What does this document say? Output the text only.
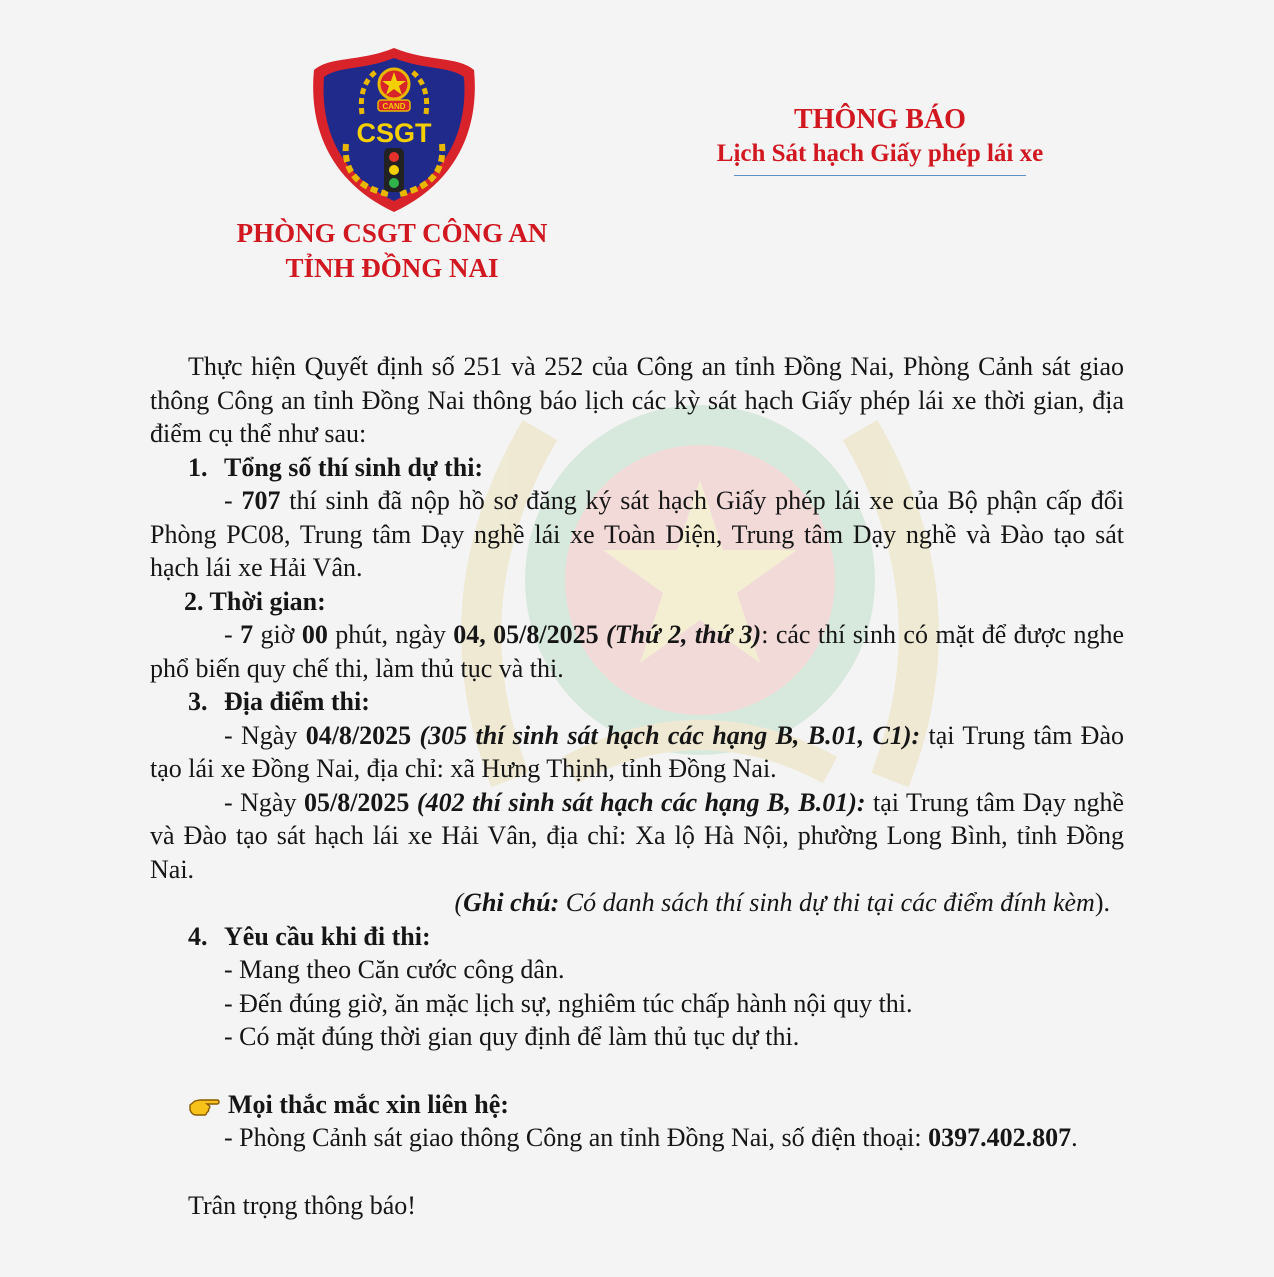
CAND
CSGT
PHÒNG CSGT CÔNG AN
TỈNH ĐỒNG NAI
THÔNG BÁO
Lịch Sát hạch Giấy phép lái xe

Thực hiện Quyết định số 251 và 252 của Công an tỉnh Đồng Nai, Phòng Cảnh sát giao thông Công an tỉnh Đồng Nai thông báo lịch các kỳ sát hạch Giấy phép lái xe thời gian, địa điểm cụ thể như sau:

1. Tổng số thí sinh dự thi:

- 707 thí sinh đã nộp hồ sơ đăng ký sát hạch Giấy phép lái xe của Bộ phận cấp đổi Phòng PC08, Trung tâm Dạy nghề lái xe Toàn Diện, Trung tâm Dạy nghề và Đào tạo sát hạch lái xe Hải Vân.

2. Thời gian:

- 7 giờ 00 phút, ngày 04, 05/8/2025 (Thứ 2, thứ 3): các thí sinh có mặt để được nghe phổ biến quy chế thi, làm thủ tục và thi.

3. Địa điểm thi:

- Ngày 04/8/2025 (305 thí sinh sát hạch các hạng B, B.01, C1): tại Trung tâm Đào tạo lái xe Đồng Nai, địa chỉ: xã Hưng Thịnh, tỉnh Đồng Nai.

- Ngày 05/8/2025 (402 thí sinh sát hạch các hạng B, B.01): tại Trung tâm Dạy nghề và Đào tạo sát hạch lái xe Hải Vân, địa chỉ: Xa lộ Hà Nội, phường Long Bình, tỉnh Đồng Nai.

(Ghi chú: Có danh sách thí sinh dự thi tại các điểm đính kèm).

4. Yêu cầu khi đi thi:

- Mang theo Căn cước công dân.

- Đến đúng giờ, ăn mặc lịch sự, nghiêm túc chấp hành nội quy thi.

- Có mặt đúng thời gian quy định để làm thủ tục dự thi.

Mọi thắc mắc xin liên hệ:

- Phòng Cảnh sát giao thông Công an tỉnh Đồng Nai, số điện thoại: 0397.402.807.

Trân trọng thông báo!
